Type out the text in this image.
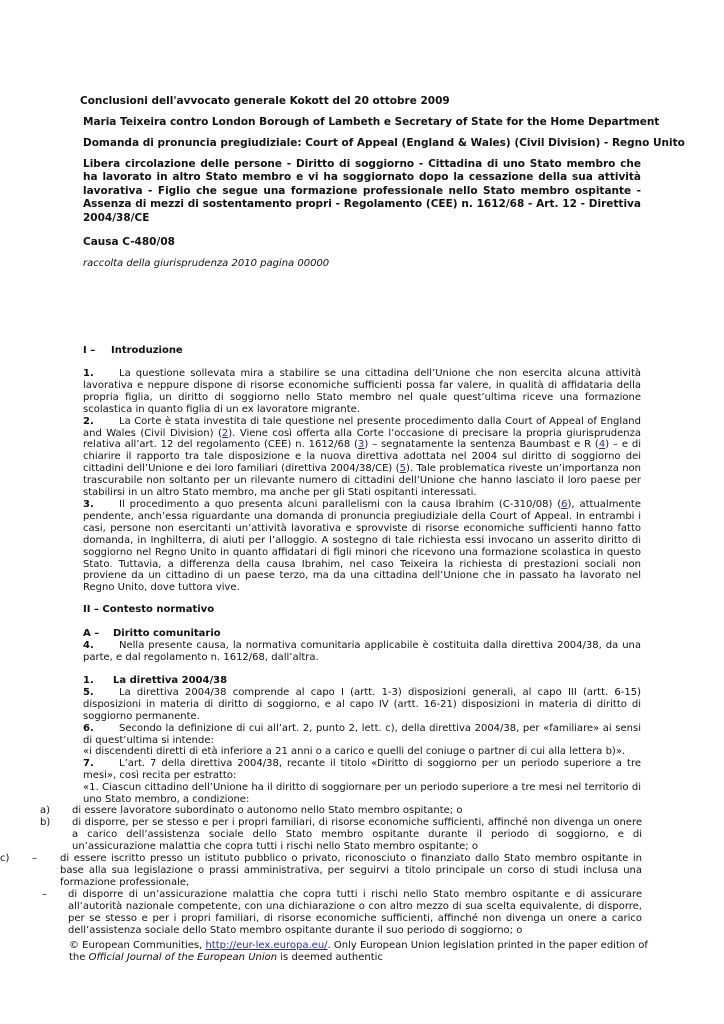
Conclusioni dell'avvocato generale Kokott del 20 ottobre 2009
Maria Teixeira contro London Borough of Lambeth e Secretary of State for the Home Department
Domanda di pronuncia pregiudiziale: Court of Appeal (England & Wales) (Civil Division) - Regno Unito
Libera circolazione delle persone - Diritto di soggiorno - Cittadina di uno Stato membro che ha lavorato in altro Stato membro e vi ha soggiornato dopo la cessazione della sua attività lavorativa - Figlio che segue una formazione professionale nello Stato membro ospitante - Assenza di mezzi di sostentamento propri - Regolamento (CEE) n. 1612/68 - Art. 12 - Direttiva 2004/38/CE
Causa C-480/08
raccolta della giurisprudenza 2010 pagina 00000
I – Introduzione

1.	La questione sollevata mira a stabilire se una cittadina dell’Unione che non esercita alcuna attività lavorativa e neppure dispone di risorse economiche sufficienti possa far valere, in qualità di affidataria della propria figlia, un diritto di soggiorno nello Stato membro nel quale quest’ultima riceve una formazione scolastica in quanto figlia di un ex lavoratore migrante.

2.	La Corte è stata investita di tale questione nel presente procedimento dalla Court of Appeal of England and Wales (Civil Division) (2). Viene così offerta alla Corte l’occasione di precisare la propria giurisprudenza relativa all’art. 12 del regolamento (CEE) n. 1612/68 (3) – segnatamente la sentenza Baumbast e R (4) – e di chiarire il rapporto tra tale disposizione e la nuova direttiva adottata nel 2004 sul diritto di soggiorno dei cittadini dell’Unione e dei loro familiari (direttiva 2004/38/CE) (5). Tale problematica riveste un’importanza non trascurabile non soltanto per un rilevante numero di cittadini dell’Unione che hanno lasciato il loro paese per stabilirsi in un altro Stato membro, ma anche per gli Stati ospitanti interessati.

3.	Il procedimento a quo presenta alcuni parallelismi con la causa Ibrahim (C-310/08) (6), attualmente pendente, anch’essa riguardante una domanda di pronuncia pregiudiziale della Court of Appeal. In entrambi i casi, persone non esercitanti un’attività lavorativa e sprovviste di risorse economiche sufficienti hanno fatto domanda, in Inghilterra, di aiuti per l’alloggio. A sostegno di tale richiesta essi invocano un asserito diritto di soggiorno nel Regno Unito in quanto affidatari di figli minori che ricevono una formazione scolastica in questo Stato. Tuttavia, a differenza della causa Ibrahim, nel caso Teixeira la richiesta di prestazioni sociali non proviene da un cittadino di un paese terzo, ma da una cittadina dell’Unione che in passato ha lavorato nel Regno Unito, dove tuttora vive.

II – Contesto normativo

A – Diritto comunitario

4.	Nella presente causa, la normativa comunitaria applicabile è costituita dalla direttiva 2004/38, da una parte, e dal regolamento n. 1612/68, dall’altra.

1. La direttiva 2004/38

5.	La direttiva 2004/38 comprende al capo I (artt. 1-3) disposizioni generali, al capo III (artt. 6-15) disposizioni in materia di diritto di soggiorno, e al capo IV (artt. 16-21) disposizioni in materia di diritto di soggiorno permanente.

6.	Secondo la definizione di cui all’art. 2, punto 2, lett. c), della direttiva 2004/38, per «familiare» ai sensi di quest’ultima si intende:

«i discendenti diretti di età inferiore a 21 anni o a carico e quelli del coniuge o partner di cui alla lettera b)».

7.	L’art. 7 della direttiva 2004/38, recante il titolo «Diritto di soggiorno per un periodo superiore a tre mesi», così recita per estratto:

«1. Ciascun cittadino dell’Unione ha il diritto di soggiornare per un periodo superiore a tre mesi nel territorio di uno Stato membro, a condizione:

a) di essere lavoratore subordinato o autonomo nello Stato membro ospitante; o
b) di disporre, per se stesso e per i propri familiari, di risorse economiche sufficienti, affinché non divenga un onere a carico dell’assistenza sociale dello Stato membro ospitante durante il periodo di soggiorno, e di un’assicurazione malattia che copra tutti i rischi nello Stato membro ospitante; o
c) – di essere iscritto presso un istituto pubblico o privato, riconosciuto o finanziato dallo Stato membro ospitante in base alla sua legislazione o prassi amministrativa, per seguirvi a titolo principale un corso di studi inclusa una formazione professionale,
– di disporre di un’assicurazione malattia che copra tutti i rischi nello Stato membro ospitante e di assicurare all’autorità nazionale competente, con una dichiarazione o con altro mezzo di sua scelta equivalente, di disporre, per se stesso e per i propri familiari, di risorse economiche sufficienti, affinché non divenga un onere a carico dell’assistenza sociale dello Stato membro ospitante durante il suo periodo di soggiorno; o
© European Communities, http://eur-lex.europa.eu/. Only European Union legislation printed in the paper edition of the Official Journal of the European Union is deemed authentic
